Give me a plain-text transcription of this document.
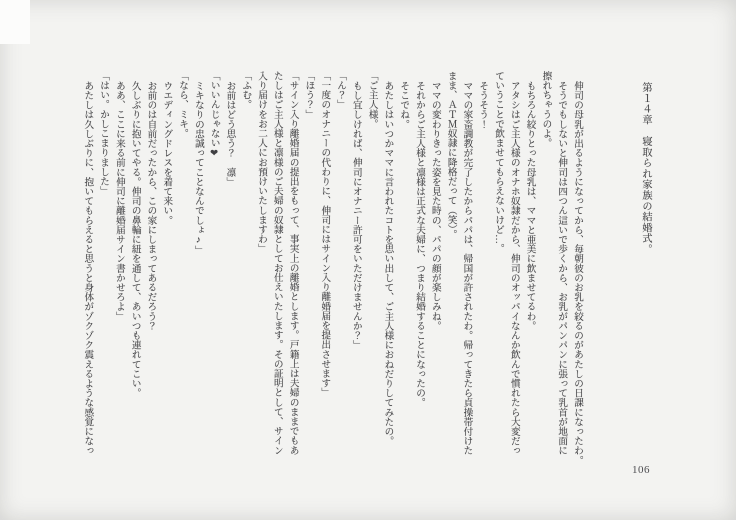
第１４章　寝取られ家族の結婚式。
伸司の母乳が出るようになってから、毎朝彼のお乳を絞るのがあたしの日課になったわ。
そうでもしないと伸司は四つん這いで歩くから、お乳がパンパンに張って乳首が地面に
擦れちゃうのよ。
もちろん絞りとった母乳は、ママと亜美に飲ませてるわ。
アタシはご主人様のオナホ奴隷だから、伸司のオッパイなんか飲んで慣れたら大変だっ
ていうことで飲ませてもらえないけど…。
そうそう！
ママの家畜調教が完了したからパパは、帰国が許されたわ。帰ってきたら貞操帯付けた
まま、ＡＴＭ奴隷に降格だって（笑）。
ママの変わりきった姿を見た時の、パパの顔が楽しみね。
それからご主人様と凛様は正式な夫婦に、つまり結婚することになったの。
そこでね。
あたしはいつかママに言われたコトを思い出して、ご主人様におねだりしてみたの。
「ご主人様。
もし宜しければ、伸司にオナニー許可をいただけませんか？」
「ん？」
「一度のオナニーの代わりに、伸司にはサイン入り離婚届を提出させます」
「ほう？」
「サイン入り離婚届の提出をもって、事実上の離婚とします。戸籍上は夫婦のままでもあ
たしはご主人様と凛様のご夫婦の奴隷としてお仕えいたします。その証明として、サイン
入り届けをお二人にお預けいたしますわ」
「ふむ。
お前はどう思う？　凛」
「いいんじゃない❤
ミキなりの忠誠ってことなんでしょ♪」
「なら、ミキ。
ウエディングドレスを着て来い。
お前のは自前だったから、この家にしまってあるだろう？
久しぶりに抱いてやる。伸司の鼻輪に紐を通して、あいつも連れてこい。
ああ、ここに来る前に伸司に離婚届サイン書かせろよ」
「はい。かしこまりました」
あたしは久しぶりに、抱いてもらえると思うと身体がゾクゾク震えるような感覚になっ
106
